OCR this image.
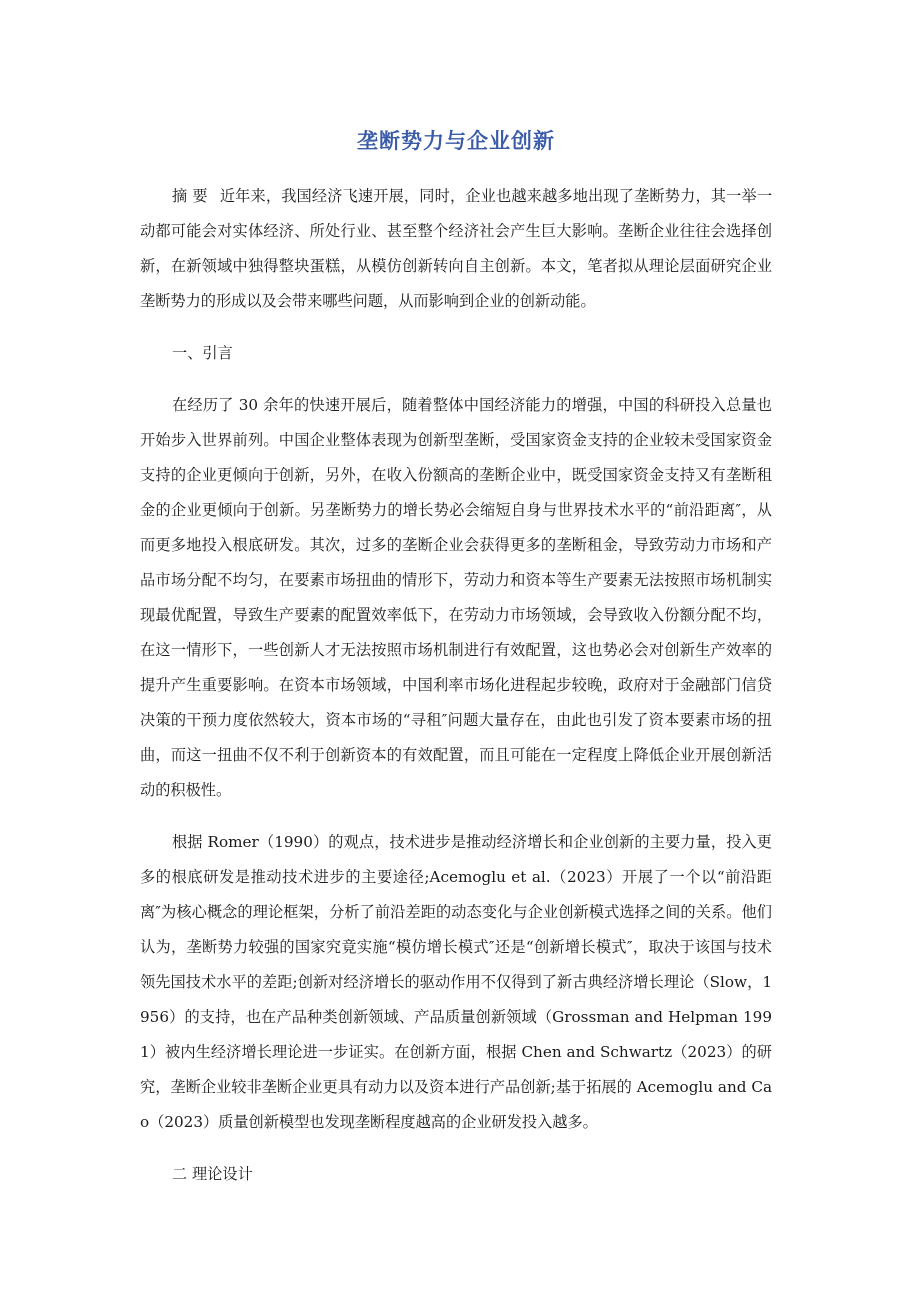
垄断势力与企业创新

摘 要 近年来，我国经济飞速开展，同时，企业也越来越多地出现了垄断势力，其一举一动都可能会对实体经济、所处行业、甚至整个经济社会产生巨大影响。垄断企业往往会选择创新，在新领域中独得整块蛋糕，从模仿创新转向自主创新。本文，笔者拟从理论层面研究企业垄断势力的形成以及会带来哪些问题，从而影响到企业的创新动能。

一、引言

在经历了 30 余年的快速开展后，随着整体中国经济能力的增强，中国的科研投入总量也开始步入世界前列。中国企业整体表现为创新型垄断，受国家资金支持的企业较未受国家资金支持的企业更倾向于创新，另外，在收入份额高的垄断企业中，既受国家资金支持又有垄断租金的企业更倾向于创新。另垄断势力的增长势必会缩短自身与世界技术水平的“前沿距离″，从而更多地投入根底研发。其次，过多的垄断企业会获得更多的垄断租金，导致劳动力市场和产品市场分配不均匀，在要素市场扭曲的情形下，劳动力和资本等生产要素无法按照市场机制实现最优配置，导致生产要素的配置效率低下，在劳动力市场领域，会导致收入份额分配不均，在这一情形下，一些创新人才无法按照市场机制进行有效配置，这也势必会对创新生产效率的提升产生重要影响。在资本市场领域，中国利率市场化进程起步较晚，政府对于金融部门信贷决策的干预力度依然较大，资本市场的“寻租″问题大量存在，由此也引发了资本要素市场的扭曲，而这一扭曲不仅不利于创新资本的有效配置，而且可能在一定程度上降低企业开展创新活动的积极性。

根据 Romer（1990）的观点，技术进步是推动经济增长和企业创新的主要力量，投入更多的根底研发是推动技术进步的主要途径;Acemoglu et al.（2023）开展了一个以“前沿距离″为核心概念的理论框架，分析了前沿差距的动态变化与企业创新模式选择之间的关系。他们认为，垄断势力较强的国家究竟实施“模仿增长模式″还是“创新增长模式″，取决于该国与技术领先国技术水平的差距;创新对经济增长的驱动作用不仅得到了新古典经济增长理论（Slow，1956）的支持，也在产品种类创新领域、产品质量创新领域（Grossman and Helpman 1991）被内生经济增长理论进一步证实。在创新方面，根据 Chen and Schwartz（2023）的研究，垄断企业较非垄断企业更具有动力以及资本进行产品创新;基于拓展的 Acemoglu and Cao（2023）质量创新模型也发现垄断程度越高的企业研发投入越多。

二 理论设计
